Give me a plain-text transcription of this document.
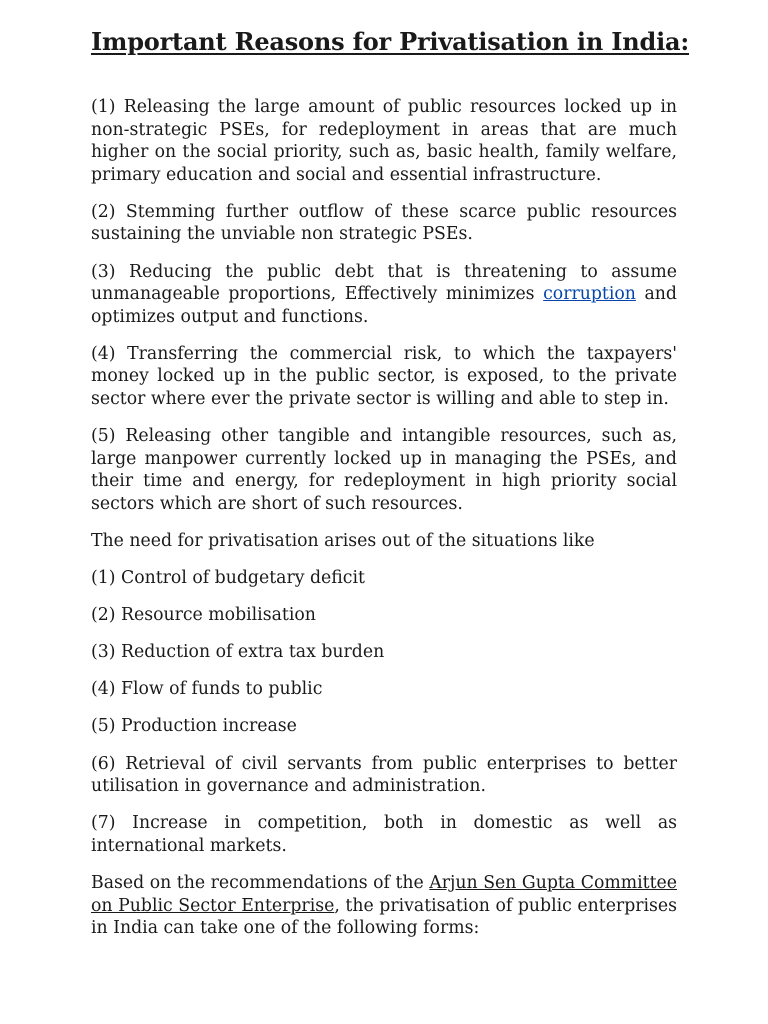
Important Reasons for Privatisation in India:

(1) Releasing the large amount of public resources locked up in non-strategic PSEs, for redeployment in areas that are much higher on the social priority, such as, basic health, family welfare, primary education and social and essential infrastructure.

(2) Stemming further outflow of these scarce public resources sustaining the unviable non strategic PSEs.

(3) Reducing the public debt that is threatening to assume unmanageable proportions, Effectively minimizes corruption and optimizes output and functions.

(4) Transferring the commercial risk, to which the taxpayers' money locked up in the public sector, is exposed, to the private sector where ever the private sector is willing and able to step in.

(5) Releasing other tangible and intangible resources, such as, large manpower currently locked up in managing the PSEs, and their time and energy, for redeployment in high priority social sectors which are short of such resources.

The need for privatisation arises out of the situations like

(1) Control of budgetary deficit

(2) Resource mobilisation

(3) Reduction of extra tax burden

(4) Flow of funds to public

(5) Production increase

(6) Retrieval of civil servants from public enterprises to better utilisation in governance and administration.

(7) Increase in competition, both in domestic as well as international markets.

Based on the recommendations of the Arjun Sen Gupta Committee on Public Sector Enterprise, the privatisation of public enterprises in India can take one of the following forms:
